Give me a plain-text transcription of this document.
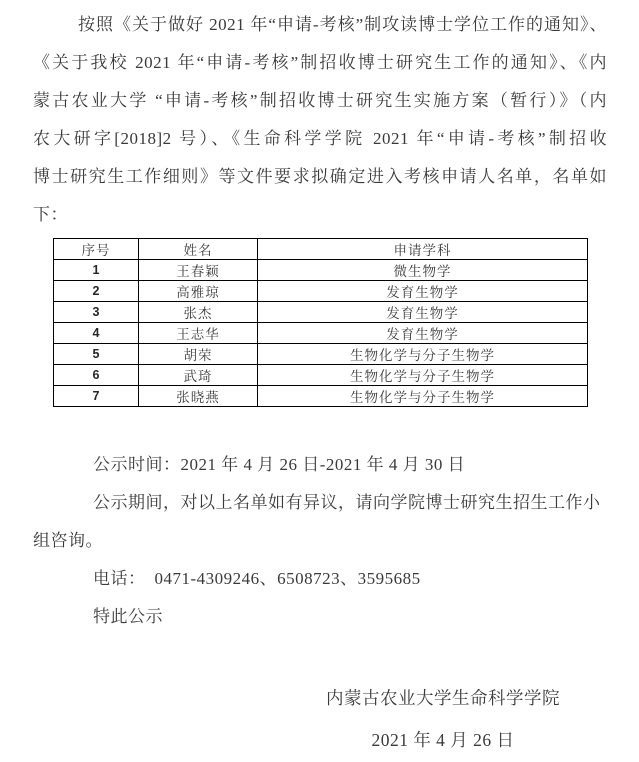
按照《关于做好 2021 年“申请-考核”制攻读博士学位工作的通知》、
《关于我校 2021 年“申请-考核”制招收博士研究生工作的通知》、《内
蒙古农业大学 “申请-考核”制招收博士研究生实施方案（暂行）》（内
农大研字[2018]2 号）、《生命科学学院 2021 年“申请-考核”制招收
博士研究生工作细则》等文件要求拟确定进入考核申请人名单，名单如
下：
序号	姓名	申请学科
1	王春颖	微生物学
2	高雅琼	发育生物学
3	张杰	发育生物学
4	王志华	发育生物学
5	胡荣	生物化学与分子生物学
6	武琦	生物化学与分子生物学
7	张晓燕	生物化学与分子生物学
公示时间：2021 年 4 月 26 日-2021 年 4 月 30 日
公示期间，对以上名单如有异议，请向学院博士研究生招生工作小
组咨询。
电话：　0471-4309246、6508723、3595685
特此公示
内蒙古农业大学生命科学学院
2021 年 4 月 26 日
